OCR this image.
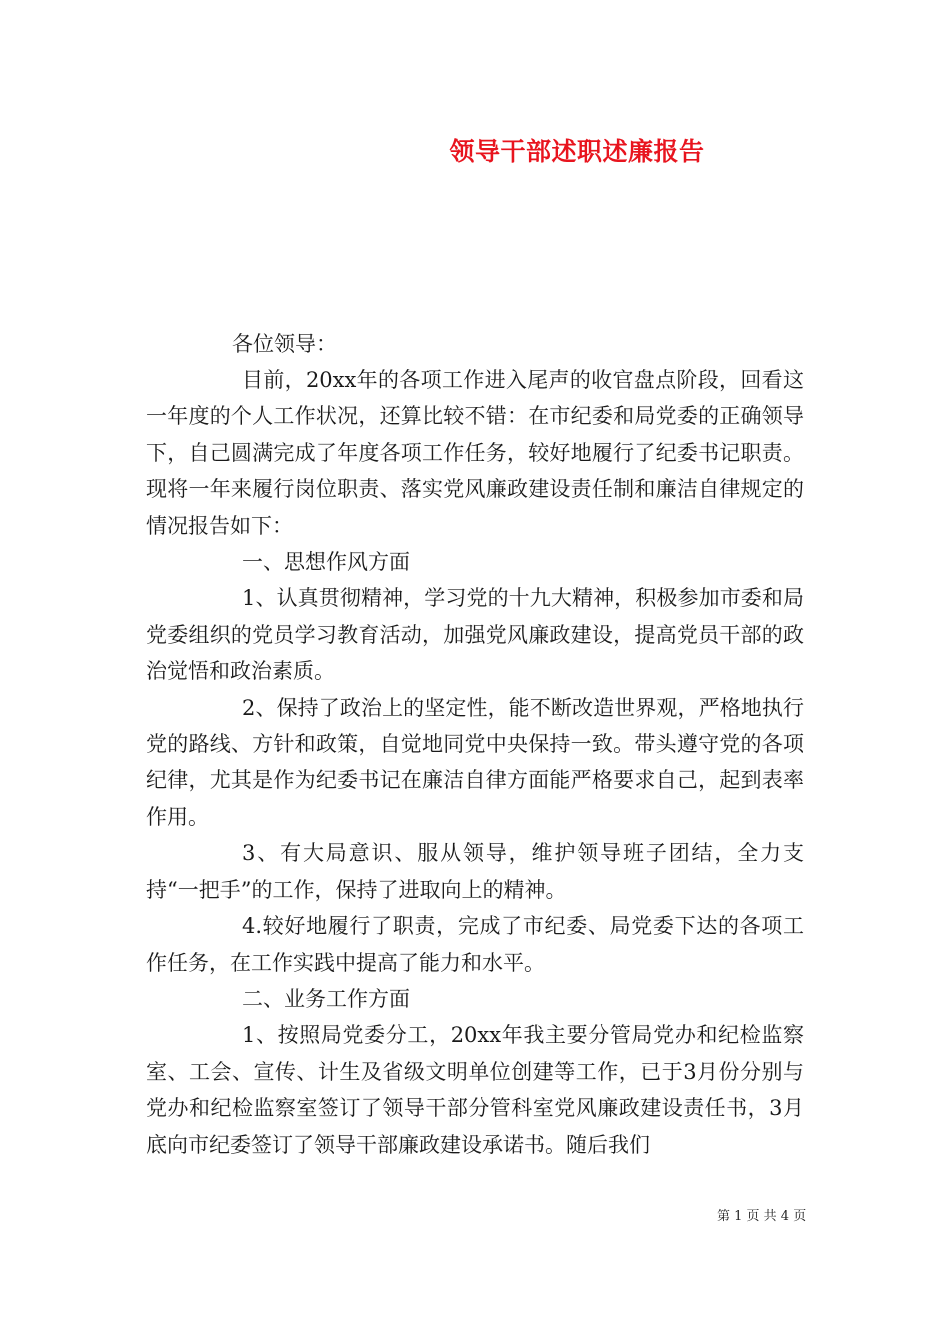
领导干部述职述廉报告

各位领导：

目前，20xx年的各项工作进入尾声的收官盘点阶段，回看这一年度的个人工作状况，还算比较不错：在市纪委和局党委的正确领导下，自己圆满完成了年度各项工作任务，较好地履行了纪委书记职责。现将一年来履行岗位职责、落实党风廉政建设责任制和廉洁自律规定的情况报告如下：

一、思想作风方面

1、认真贯彻精神，学习党的十九大精神，积极参加市委和局党委组织的党员学习教育活动，加强党风廉政建设，提高党员干部的政治觉悟和政治素质。

2、保持了政治上的坚定性，能不断改造世界观，严格地执行党的路线、方针和政策，自觉地同党中央保持一致。带头遵守党的各项纪律，尤其是作为纪委书记在廉洁自律方面能严格要求自己，起到表率作用。

3、有大局意识、服从领导，维护领导班子团结，全力支持“一把手”的工作，保持了进取向上的精神。

4.较好地履行了职责，完成了市纪委、局党委下达的各项工作任务，在工作实践中提高了能力和水平。

二、业务工作方面

1、按照局党委分工，20xx年我主要分管局党办和纪检监察室、工会、宣传、计生及省级文明单位创建等工作，已于3月份分别与党办和纪检监察室签订了领导干部分管科室党风廉政建设责任书，3月底向市纪委签订了领导干部廉政建设承诺书。随后我们

第 1 页 共 4 页
